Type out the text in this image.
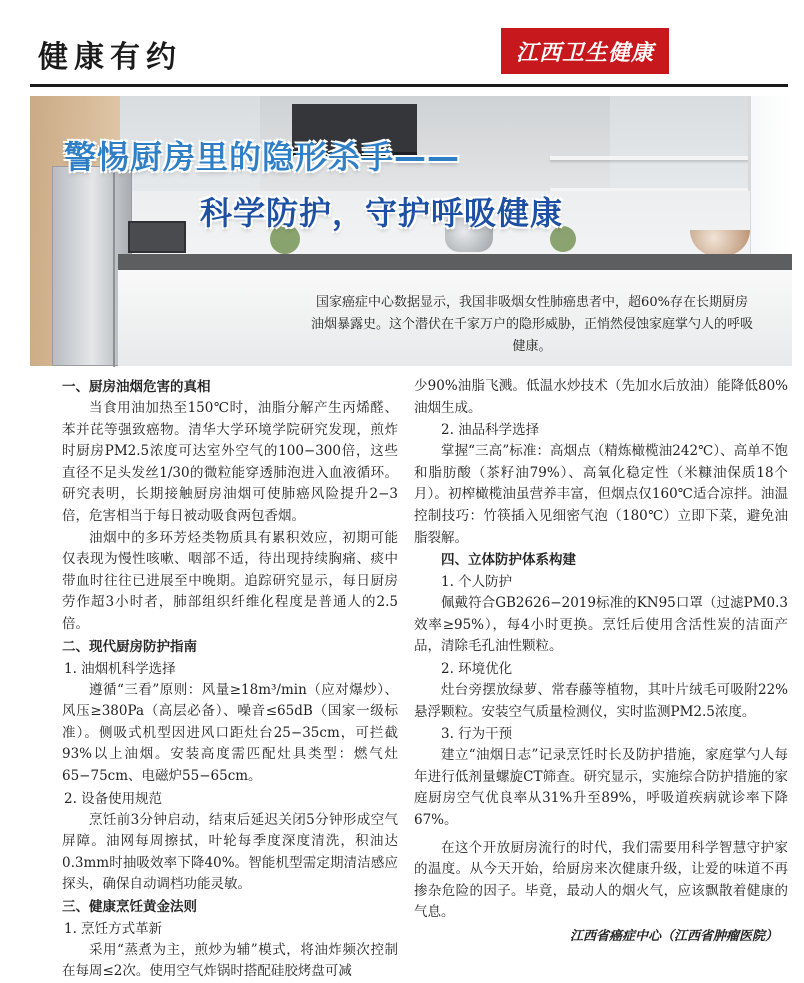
健康有约	江西卫生健康
警惕厨房里的隐形杀手——
科学防护，守护呼吸健康
国家癌症中心数据显示，我国非吸烟女性肺癌患者中，超60%存在长期厨房油烟暴露史。这个潜伏在千家万户的隐形威胁，正悄然侵蚀家庭掌勺人的呼吸健康。
一、厨房油烟危害的真相
当食用油加热至150℃时，油脂分解产生丙烯醛、苯并芘等强致癌物。清华大学环境学院研究发现，煎炸时厨房PM2.5浓度可达室外空气的100−300倍，这些直径不足头发丝1/30的微粒能穿透肺泡进入血液循环。研究表明，长期接触厨房油烟可使肺癌风险提升2−3倍，危害相当于每日被动吸食两包香烟。
油烟中的多环芳烃类物质具有累积效应，初期可能仅表现为慢性咳嗽、咽部不适，待出现持续胸痛、痰中带血时往往已进展至中晚期。追踪研究显示，每日厨房劳作超3小时者，肺部组织纤维化程度是普通人的2.5倍。
二、现代厨房防护指南
1. 油烟机科学选择
遵循“三看”原则：风量≥18m³/min（应对爆炒）、风压≥380Pa（高层必备）、噪音≤65dB（国家一级标准）。侧吸式机型因进风口距灶台25−35cm，可拦截93%以上油烟。安装高度需匹配灶具类型：燃气灶65−75cm、电磁炉55−65cm。
2. 设备使用规范
烹饪前3分钟启动，结束后延迟关闭5分钟形成空气屏障。油网每周擦拭，叶轮每季度深度清洗，积油达0.3mm时抽吸效率下降40%。智能机型需定期清洁感应探头，确保自动调档功能灵敏。
三、健康烹饪黄金法则
1. 烹饪方式革新
采用“蒸煮为主，煎炒为辅”模式，将油炸频次控制在每周≤2次。使用空气炸锅时搭配硅胶烤盘可减
少90%油脂飞溅。低温水炒技术（先加水后放油）能降低80%油烟生成。
2. 油品科学选择
掌握“三高”标准：高烟点（精炼橄榄油242℃）、高单不饱和脂肪酸（茶籽油79%）、高氧化稳定性（米糠油保质18个月）。初榨橄榄油虽营养丰富，但烟点仅160℃适合凉拌。油温控制技巧：竹筷插入见细密气泡（180℃）立即下菜，避免油脂裂解。
四、立体防护体系构建
1. 个人防护
佩戴符合GB2626−2019标准的KN95口罩（过滤PM0.3效率≥95%），每4小时更换。烹饪后使用含活性炭的洁面产品，清除毛孔油性颗粒。
2. 环境优化
灶台旁摆放绿萝、常春藤等植物，其叶片绒毛可吸附22%悬浮颗粒。安装空气质量检测仪，实时监测PM2.5浓度。
3. 行为干预
建立“油烟日志”记录烹饪时长及防护措施，家庭掌勺人每年进行低剂量螺旋CT筛查。研究显示，实施综合防护措施的家庭厨房空气优良率从31%升至89%，呼吸道疾病就诊率下降67%。
在这个开放厨房流行的时代，我们需要用科学智慧守护家的温度。从今天开始，给厨房来次健康升级，让爱的味道不再掺杂危险的因子。毕竟，最动人的烟火气，应该飘散着健康的气息。
江西省癌症中心（江西省肿瘤医院）
